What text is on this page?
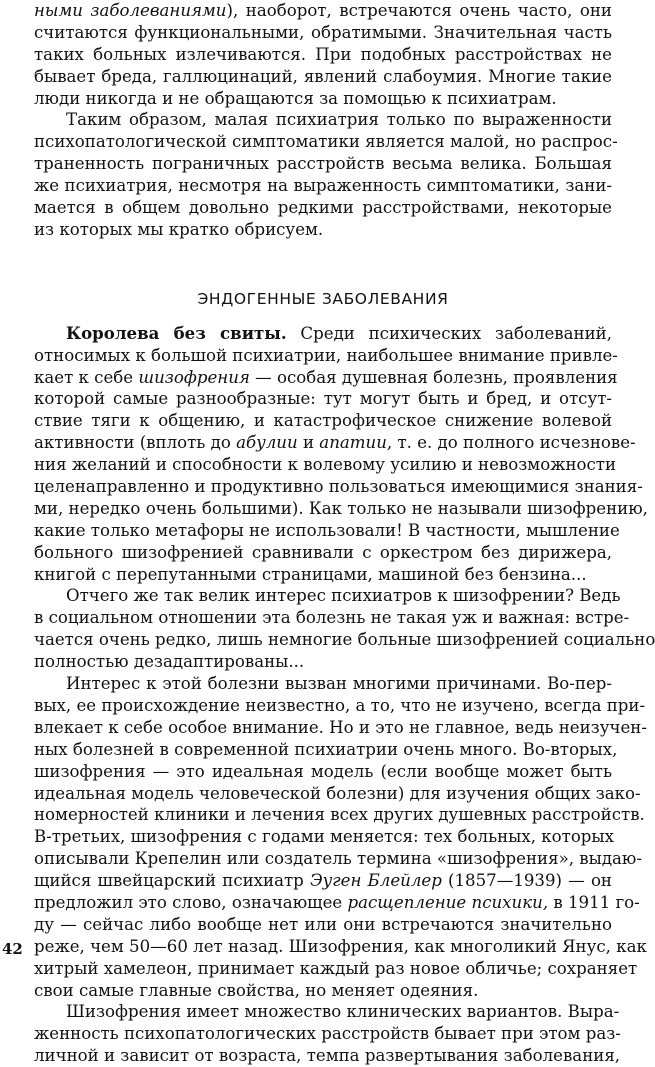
ными заболеваниями), наоборот, встречаются очень часто, они
считаются функциональными, обратимыми. Значительная часть
таких больных излечиваются. При подобных расстройствах не
бывает бреда, галлюцинаций, явлений слабоумия. Многие такие
люди никогда и не обращаются за помощью к психиатрам.
Таким образом, малая психиатрия только по выраженности
психопатологической симптоматики является малой, но распрос-
траненность пограничных расстройств весьма велика. Большая
же психиатрия, несмотря на выраженность симптоматики, зани-
мается в общем довольно редкими расстройствами, некоторые
из которых мы кратко обрисуем.
ЭНДОГЕННЫЕ ЗАБОЛЕВАНИЯ
Королева без свиты. Среди психических заболеваний,
относимых к большой психиатрии, наибольшее внимание привле-
кает к себе шизофрения — особая душевная болезнь, проявления
которой самые разнообразные: тут могут быть и бред, и отсут-
ствие тяги к общению, и катастрофическое снижение волевой
активности (вплоть до абулии и апатии, т. е. до полного исчезнове-
ния желаний и способности к волевому усилию и невозможности
целенаправленно и продуктивно пользоваться имеющимися знания-
ми, нередко очень большими). Как только не называли шизофрению,
какие только метафоры не использовали! В частности, мышление
больного шизофренией сравнивали с оркестром без дирижера,
книгой с перепутанными страницами, машиной без бензина...
Отчего же так велик интерес психиатров к шизофрении? Ведь
в социальном отношении эта болезнь не такая уж и важная: встре-
чается очень редко, лишь немногие больные шизофренией социально
полностью дезадаптированы...
Интерес к этой болезни вызван многими причинами. Во-пер-
вых, ее происхождение неизвестно, а то, что не изучено, всегда при-
влекает к себе особое внимание. Но и это не главное, ведь неизучен-
ных болезней в современной психиатрии очень много. Во-вторых,
шизофрения — это идеальная модель (если вообще может быть
идеальная модель человеческой болезни) для изучения общих зако-
номерностей клиники и лечения всех других душевных расстройств.
В-третьих, шизофрения с годами меняется: тех больных, которых
описывали Крепелин или создатель термина «шизофрения», выдаю-
щийся швейцарский психиатр Эуген Блейлер (1857—1939) — он
предложил это слово, означающее расщепление психики, в 1911 го-
ду — сейчас либо вообще нет или они встречаются значительно
реже, чем 50—60 лет назад. Шизофрения, как многоликий Янус, как
хитрый хамелеон, принимает каждый раз новое обличье; сохраняет
свои самые главные свойства, но меняет одеяния.
Шизофрения имеет множество клинических вариантов. Выра-
женность психопатологических расстройств бывает при этом раз-
личной и зависит от возраста, темпа развертывания заболевания,
42
